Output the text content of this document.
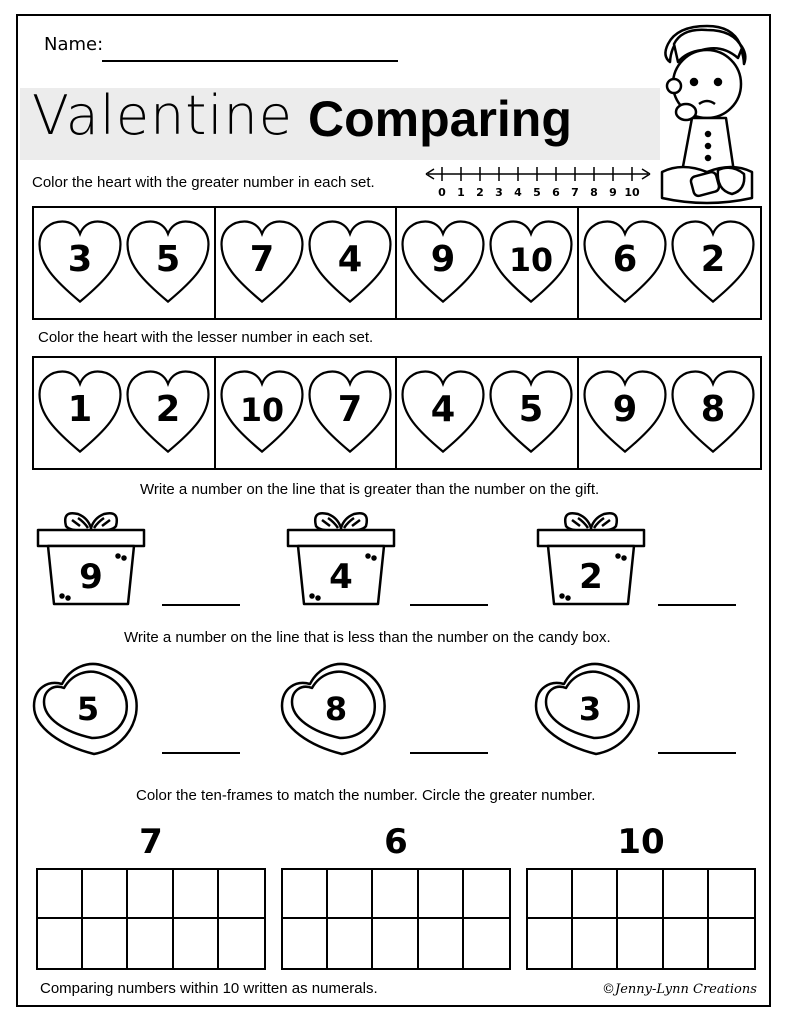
Name:
Valentine Comparing
Color the heart with the greater number in each set.
0 1 2 3 4 5 6 7 8 9 10
3 5 7 4 9 10 6 2
Color the heart with the lesser number in each set.
1 2 10 7 4 5 9 8
Write a number on the line that is greater than the number on the gift.
9	4	2
Write a number on the line that is less than the number on the candy box.
5	8	3
Color the ten-frames to match the number. Circle the greater number.
7	6	10
Comparing numbers within 10 written as numerals.	©Jenny-Lynn Creations
